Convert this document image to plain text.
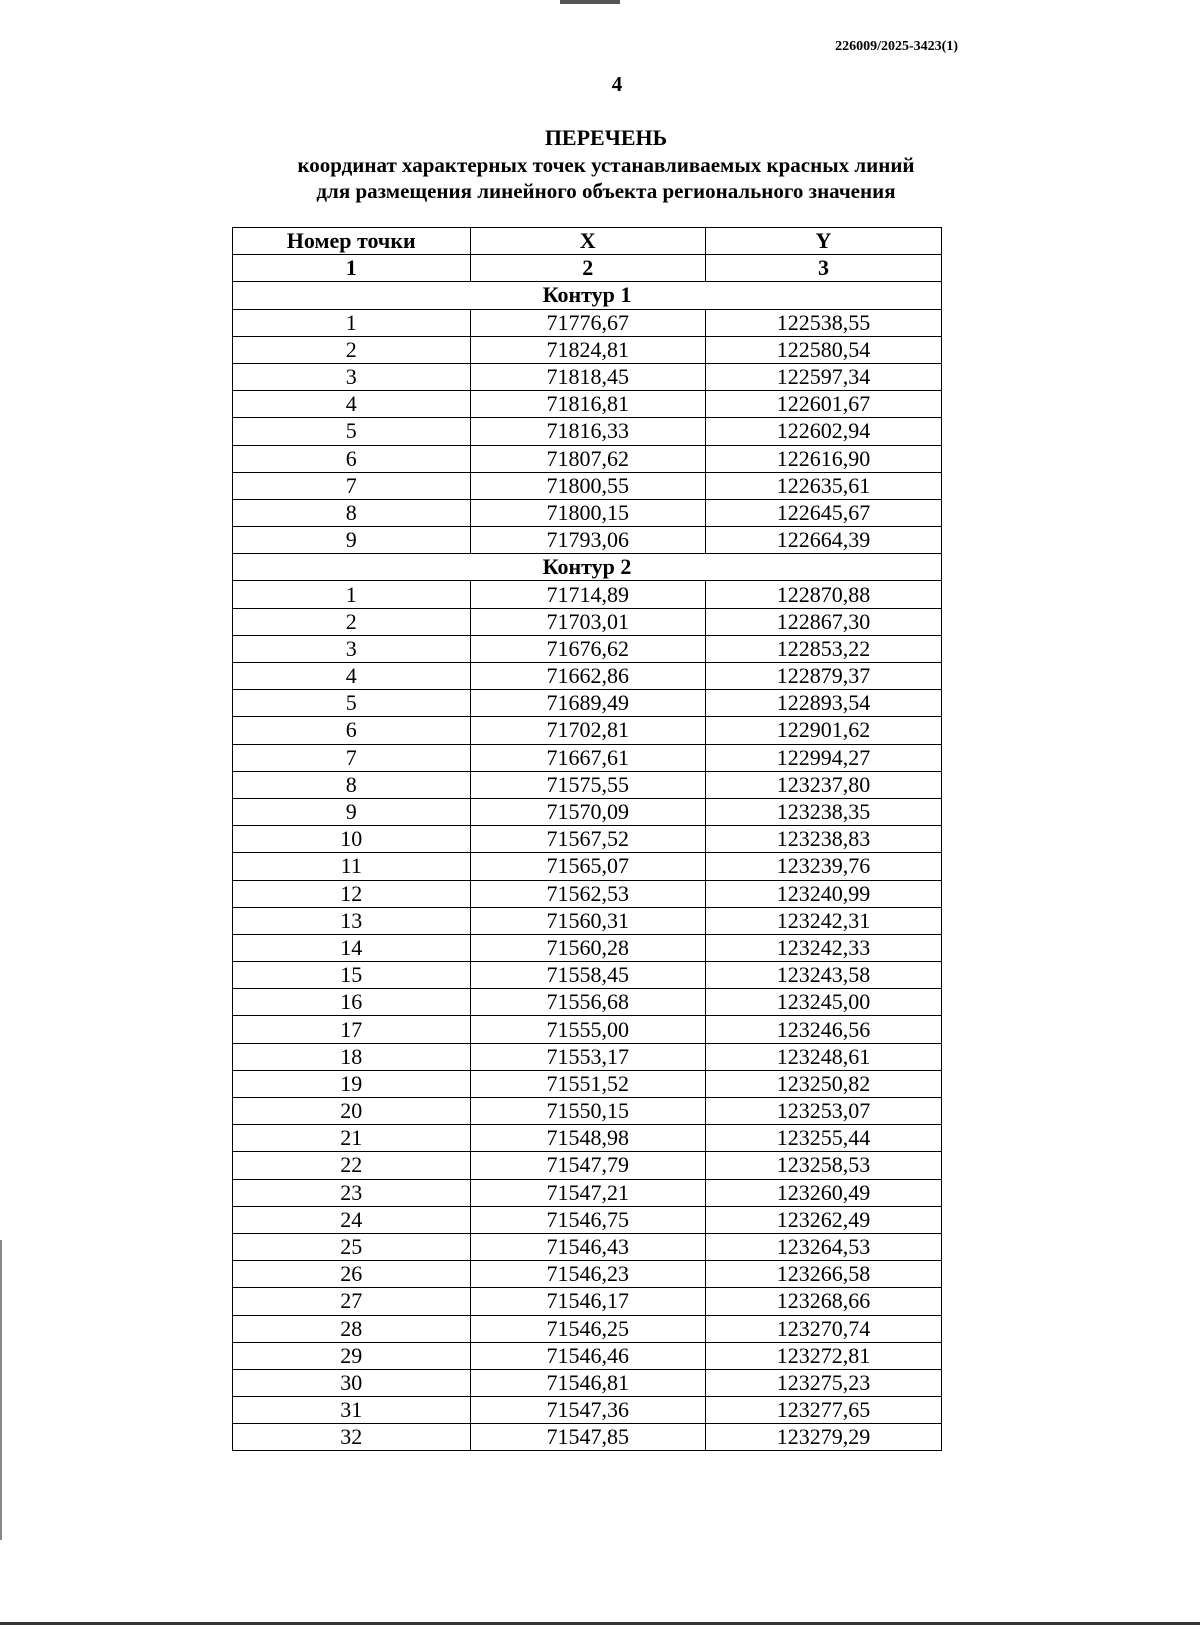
226009/2025-3423(1)
4
ПЕРЕЧЕНЬ
координат характерных точек устанавливаемых красных линий
для размещения линейного объекта регионального значения
Номер точки	X	Y
1	2	3
Контур 1		
1	71776,67	122538,55
2	71824,81	122580,54
3	71818,45	122597,34
4	71816,81	122601,67
5	71816,33	122602,94
6	71807,62	122616,90
7	71800,55	122635,61
8	71800,15	122645,67
9	71793,06	122664,39
Контур 2		
1	71714,89	122870,88
2	71703,01	122867,30
3	71676,62	122853,22
4	71662,86	122879,37
5	71689,49	122893,54
6	71702,81	122901,62
7	71667,61	122994,27
8	71575,55	123237,80
9	71570,09	123238,35
10	71567,52	123238,83
11	71565,07	123239,76
12	71562,53	123240,99
13	71560,31	123242,31
14	71560,28	123242,33
15	71558,45	123243,58
16	71556,68	123245,00
17	71555,00	123246,56
18	71553,17	123248,61
19	71551,52	123250,82
20	71550,15	123253,07
21	71548,98	123255,44
22	71547,79	123258,53
23	71547,21	123260,49
24	71546,75	123262,49
25	71546,43	123264,53
26	71546,23	123266,58
27	71546,17	123268,66
28	71546,25	123270,74
29	71546,46	123272,81
30	71546,81	123275,23
31	71547,36	123277,65
32	71547,85	123279,29
